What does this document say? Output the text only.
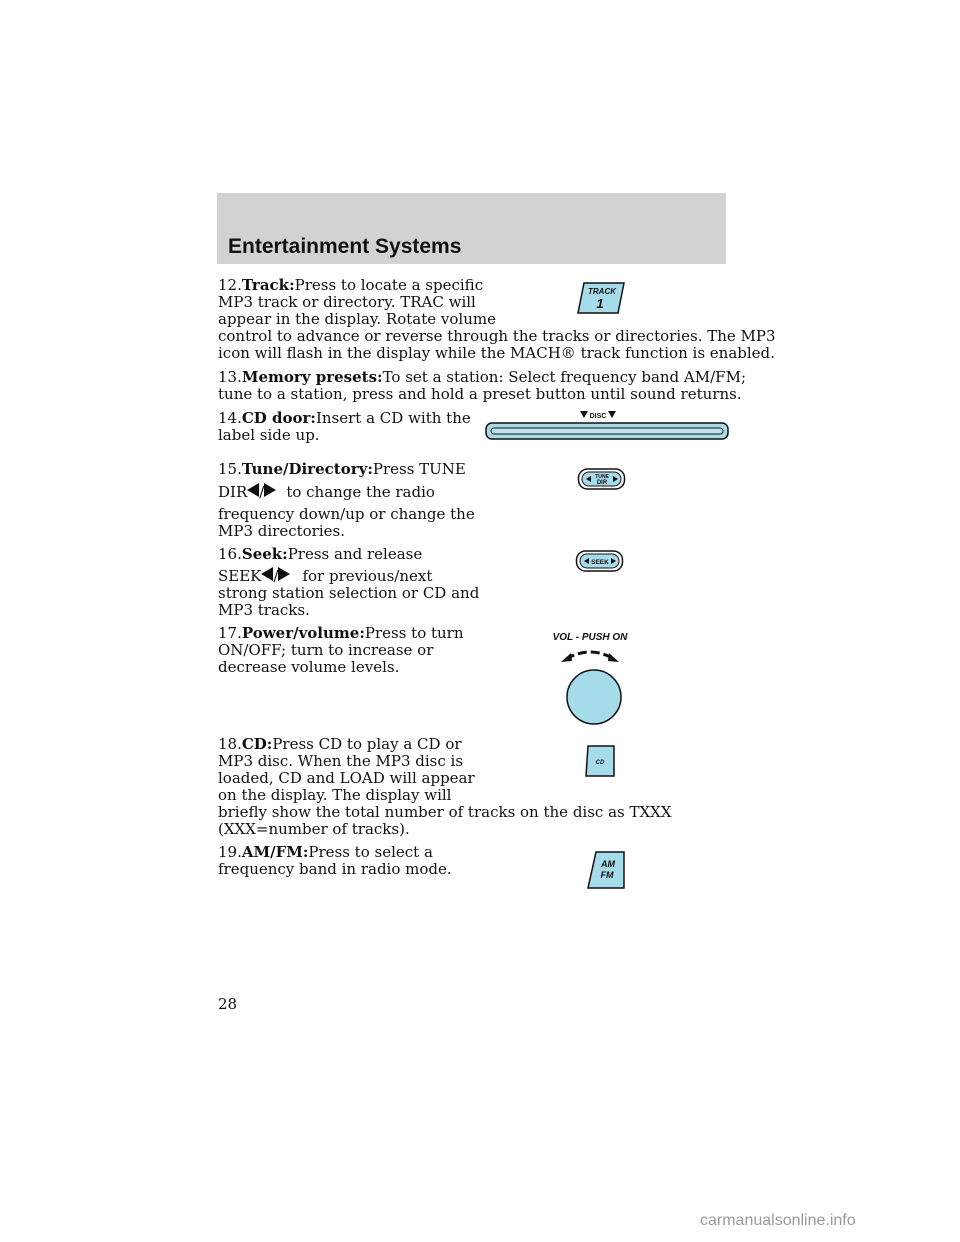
Entertainment Systems
12.Track:Press to locate a specific
MP3 track or directory. TRAC will
appear in the display. Rotate volume
control to advance or reverse through the tracks or directories. The MP3
icon will flash in the display while the MACH® track function is enabled.
13.Memory presets:To set a station: Select frequency band AM/FM;
tune to a station, press and hold a preset button until sound returns.
14.CD door:Insert a CD with the
label side up.
15.Tune/Directory:Press TUNE
DIR / to change the radio
frequency down/up or change the
MP3 directories.
16.Seek:Press and release
SEEK / for previous/next
strong station selection or CD and
MP3 tracks.
17.Power/volume:Press to turn
ON/OFF; turn to increase or
decrease volume levels.
18.CD:Press CD to play a CD or
MP3 disc. When the MP3 disc is
loaded, CD and LOAD will appear
on the display. The display will
briefly show the total number of tracks on the disc as TXXX
(XXX=number of tracks).
19.AM/FM:Press to select a
frequency band in radio mode.
TRACK
1
DISC
TUNE
DIR
SEEK
VOL - PUSH ON
CD
AM
FM
28
carmanualsonline.info
